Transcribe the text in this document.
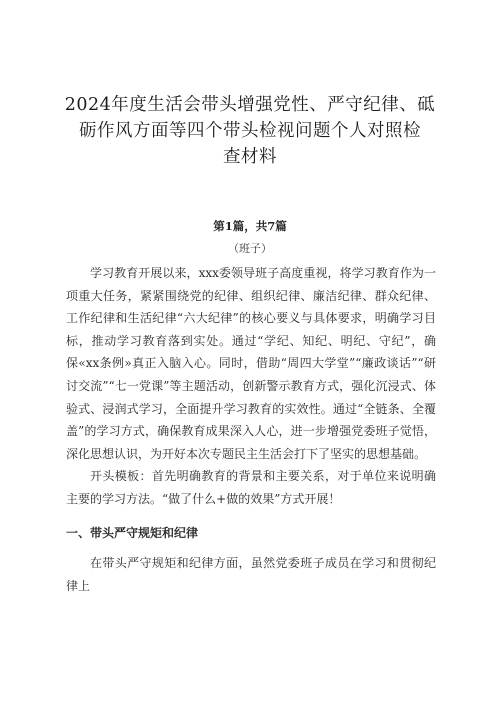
2024年度生活会带头增强党性、严守纪律、砥
砺作风方面等四个带头检视问题个人对照检
查材料
第1篇，共7篇
（班子）

学习教育开展以来，xxx委领导班子高度重视，将学习教育作为一项重大任务，紧紧围绕党的纪律、组织纪律、廉洁纪律、群众纪律、工作纪律和生活纪律“六大纪律”的核心要义与具体要求，明确学习目标，推动学习教育落到实处。通过“学纪、知纪、明纪、守纪”，确保«xx条例»真正入脑入心。同时，借助“周四大学堂”“廉政谈话”“研讨交流”“七一党课”等主题活动，创新警示教育方式，强化沉浸式、体验式、浸润式学习，全面提升学习教育的实效性。通过“全链条、全覆盖”的学习方式，确保教育成果深入人心，进一步增强党委班子觉悟，深化思想认识，为开好本次专题民主生活会打下了坚实的思想基础。

开头模板：首先明确教育的背景和主要关系，对于单位来说明确主要的学习方法。“做了什么+做的效果”方式开展！

一、带头严守规矩和纪律

在带头严守规矩和纪律方面，虽然党委班子成员在学习和贯彻纪律上
